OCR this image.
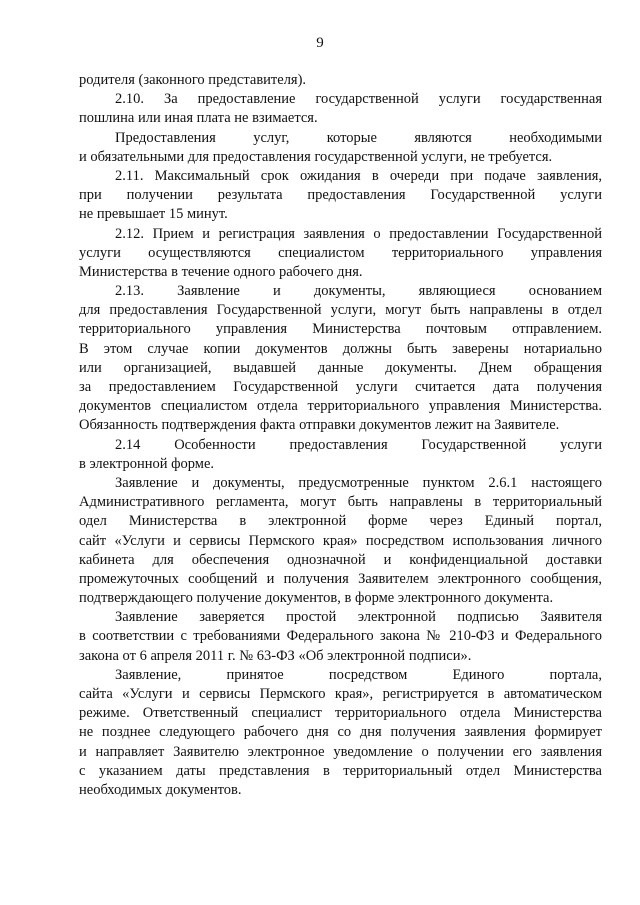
9
родителя (законного представителя).
2.10. За предоставление государственной услуги государственная
пошлина или иная плата не взимается.
Предоставления услуг, которые являются необходимыми
и обязательными для предоставления государственной услуги, не требуется.
2.11. Максимальный срок ожидания в очереди при подаче заявления,
при получении результата предоставления Государственной услуги
не превышает 15 минут.
2.12. Прием и регистрация заявления о предоставлении Государственной
услуги осуществляются специалистом территориального управления
Министерства в течение одного рабочего дня.
2.13. Заявление и документы, являющиеся основанием
для предоставления Государственной услуги, могут быть направлены в отдел
территориального управления Министерства почтовым отправлением.
В этом случае копии документов должны быть заверены нотариально
или организацией, выдавшей данные документы. Днем обращения
за предоставлением Государственной услуги считается дата получения
документов специалистом отдела территориального управления Министерства.
Обязанность подтверждения факта отправки документов лежит на Заявителе.
2.14 Особенности предоставления Государственной услуги
в электронной форме.
Заявление и документы, предусмотренные пунктом 2.6.1 настоящего
Административного регламента, могут быть направлены в территориальный
одел Министерства в электронной форме через Единый портал,
сайт «Услуги и сервисы Пермского края» посредством использования личного
кабинета для обеспечения однозначной и конфиденциальной доставки
промежуточных сообщений и получения Заявителем электронного сообщения,
подтверждающего получение документов, в форме электронного документа.
Заявление заверяется простой электронной подписью Заявителя
в соответствии с требованиями Федерального закона № 210-ФЗ и Федерального
закона от 6 апреля 2011 г. № 63-ФЗ «Об электронной подписи».
Заявление, принятое посредством Единого портала,
сайта «Услуги и сервисы Пермского края», регистрируется в автоматическом
режиме. Ответственный специалист территориального отдела Министерства
не позднее следующего рабочего дня со дня получения заявления формирует
и направляет Заявителю электронное уведомление о получении его заявления
с указанием даты представления в территориальный отдел Министерства
необходимых документов.
